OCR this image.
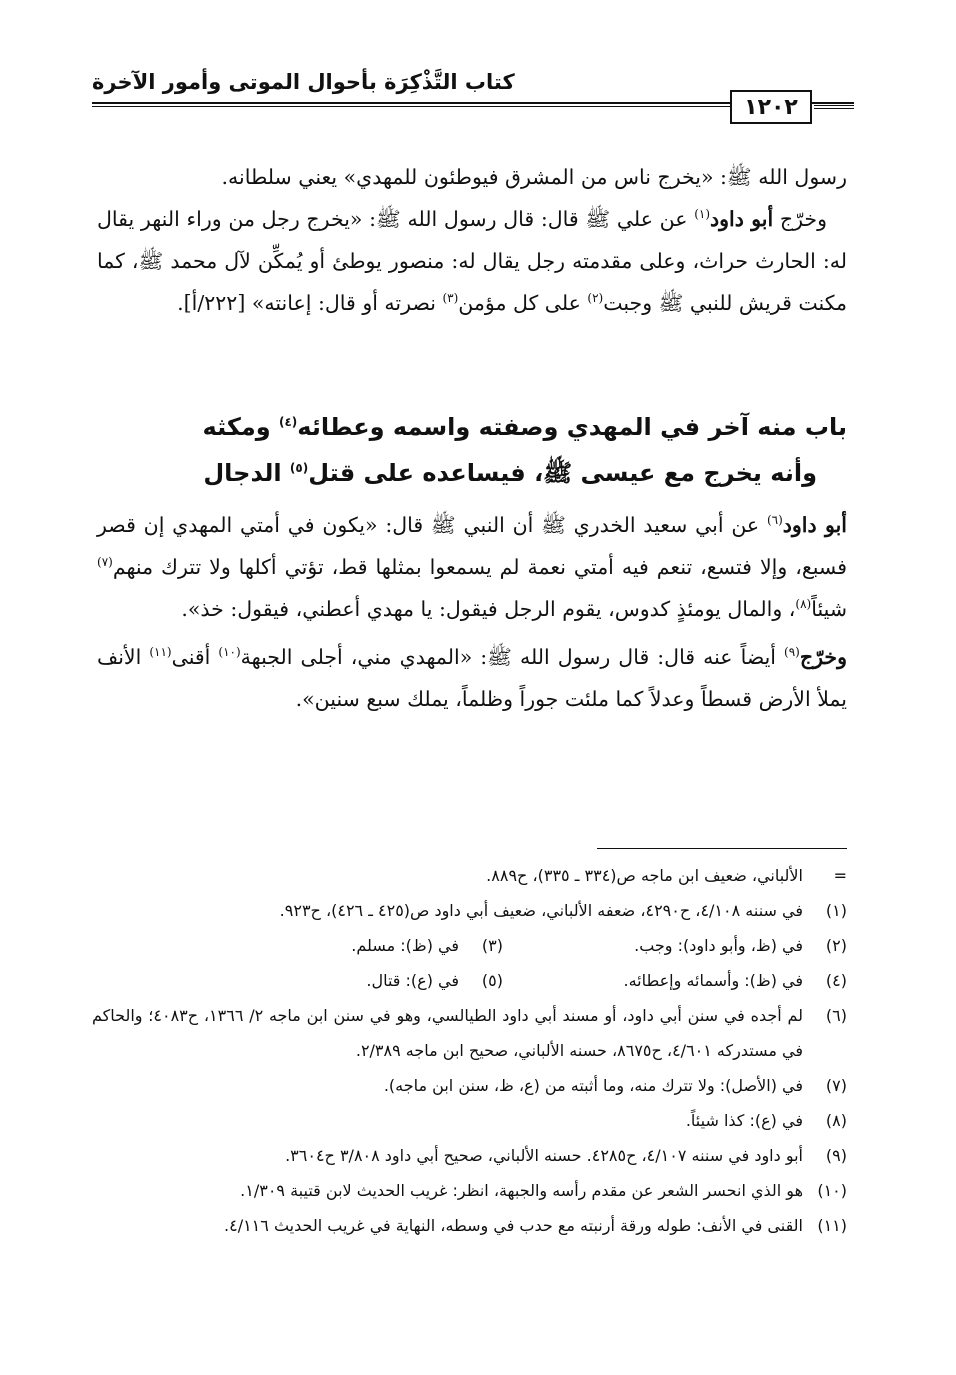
كتاب التَّذْكِرَة بأحوال الموتى وأمور الآخرة
١٢٠٢

رسول الله ﷺ: «يخرج ناس من المشرق فيوطئون للمهدي» يعني سلطانه.

وخرّج أبو داود$^{(١)}$ عن علي ﷺ قال: قال رسول الله ﷺ: «يخرج رجل من وراء النهر يقال له: الحارث حراث، وعلى مقدمته رجل يقال له: منصور يوطئ أو يُمكِّن لآل محمد ﷺ، كما مكنت قريش للنبي ﷺ وجبت$^{(٢)}$ على كل مؤمن$^{(٣)}$ نصرته أو قال: إعانته» [٢٢٢/أ].

باب منه آخر في المهدي وصفته واسمه وعطائه$^{(٤)}$ ومكثه
وأنه يخرج مع عيسى ﷺ، فيساعده على قتل$^{(٥)}$ الدجال

أبو داود$^{(٦)}$ عن أبي سعيد الخدري ﷺ أن النبي ﷺ قال: «يكون في أمتي المهدي إن قصر فسبع، وإلا فتسع، تنعم فيه أمتي نعمة لم يسمعوا بمثلها قط، تؤتي أكلها ولا تترك منهم$^{(٧)}$ شيئاً$^{(٨)}$، والمال يومئذٍ كدوس، يقوم الرجل فيقول: يا مهدي أعطني، فيقول: خذ».

وخرّج$^{(٩)}$ أيضاً عنه قال: قال رسول الله ﷺ: «المهدي مني، أجلى الجبهة$^{(١٠)}$ أقنى$^{(١١)}$ الأنف يملأ الأرض قسطاً وعدلاً كما ملئت جوراً وظلماً، يملك سبع سنين».

=
الألباني، ضعيف ابن ماجه ص(٣٣٤ ـ ٣٣٥)، ح٨٨٩.
(١)
في سننه ٤/١٠٨، ح٤٢٩٠، ضعفه الألباني، ضعيف أبي داود ص(٤٢٥ ـ ٤٢٦)، ح٩٢٣.
(٢)
في (ظ، وأبو داود): وجب.
(٣)
في (ظ): مسلم.
(٤)
في (ظ): وأسمائه وإعطائه.
(٥)
في (ع): قتال.
(٦)
لم أجده في سنن أبي داود، أو مسند أبي داود الطيالسي، وهو في سنن ابن ماجه ٢/ ١٣٦٦، ح٤٠٨٣؛ والحاكم في مستدركه ٤/٦٠١، ح٨٦٧٥، حسنه الألباني، صحيح ابن ماجه ٢/٣٨٩.
(٧)
في (الأصل): ولا تترك منه، وما أثبته من (ع، ظ، سنن ابن ماجه).
(٨)
في (ع): كذا شيئاً.
(٩)
أبو داود في سننه ٤/١٠٧، ح٤٢٨٥. حسنه الألباني، صحيح أبي داود ٣/٨٠٨ ح٣٦٠٤.
(١٠)
هو الذي انحسر الشعر عن مقدم رأسه والجبهة، انظر: غريب الحديث لابن قتيبة ١/٣٠٩.
(١١)
القنى في الأنف: طوله ورقة أرنبته مع حدب في وسطه، النهاية في غريب الحديث ٤/١١٦.
